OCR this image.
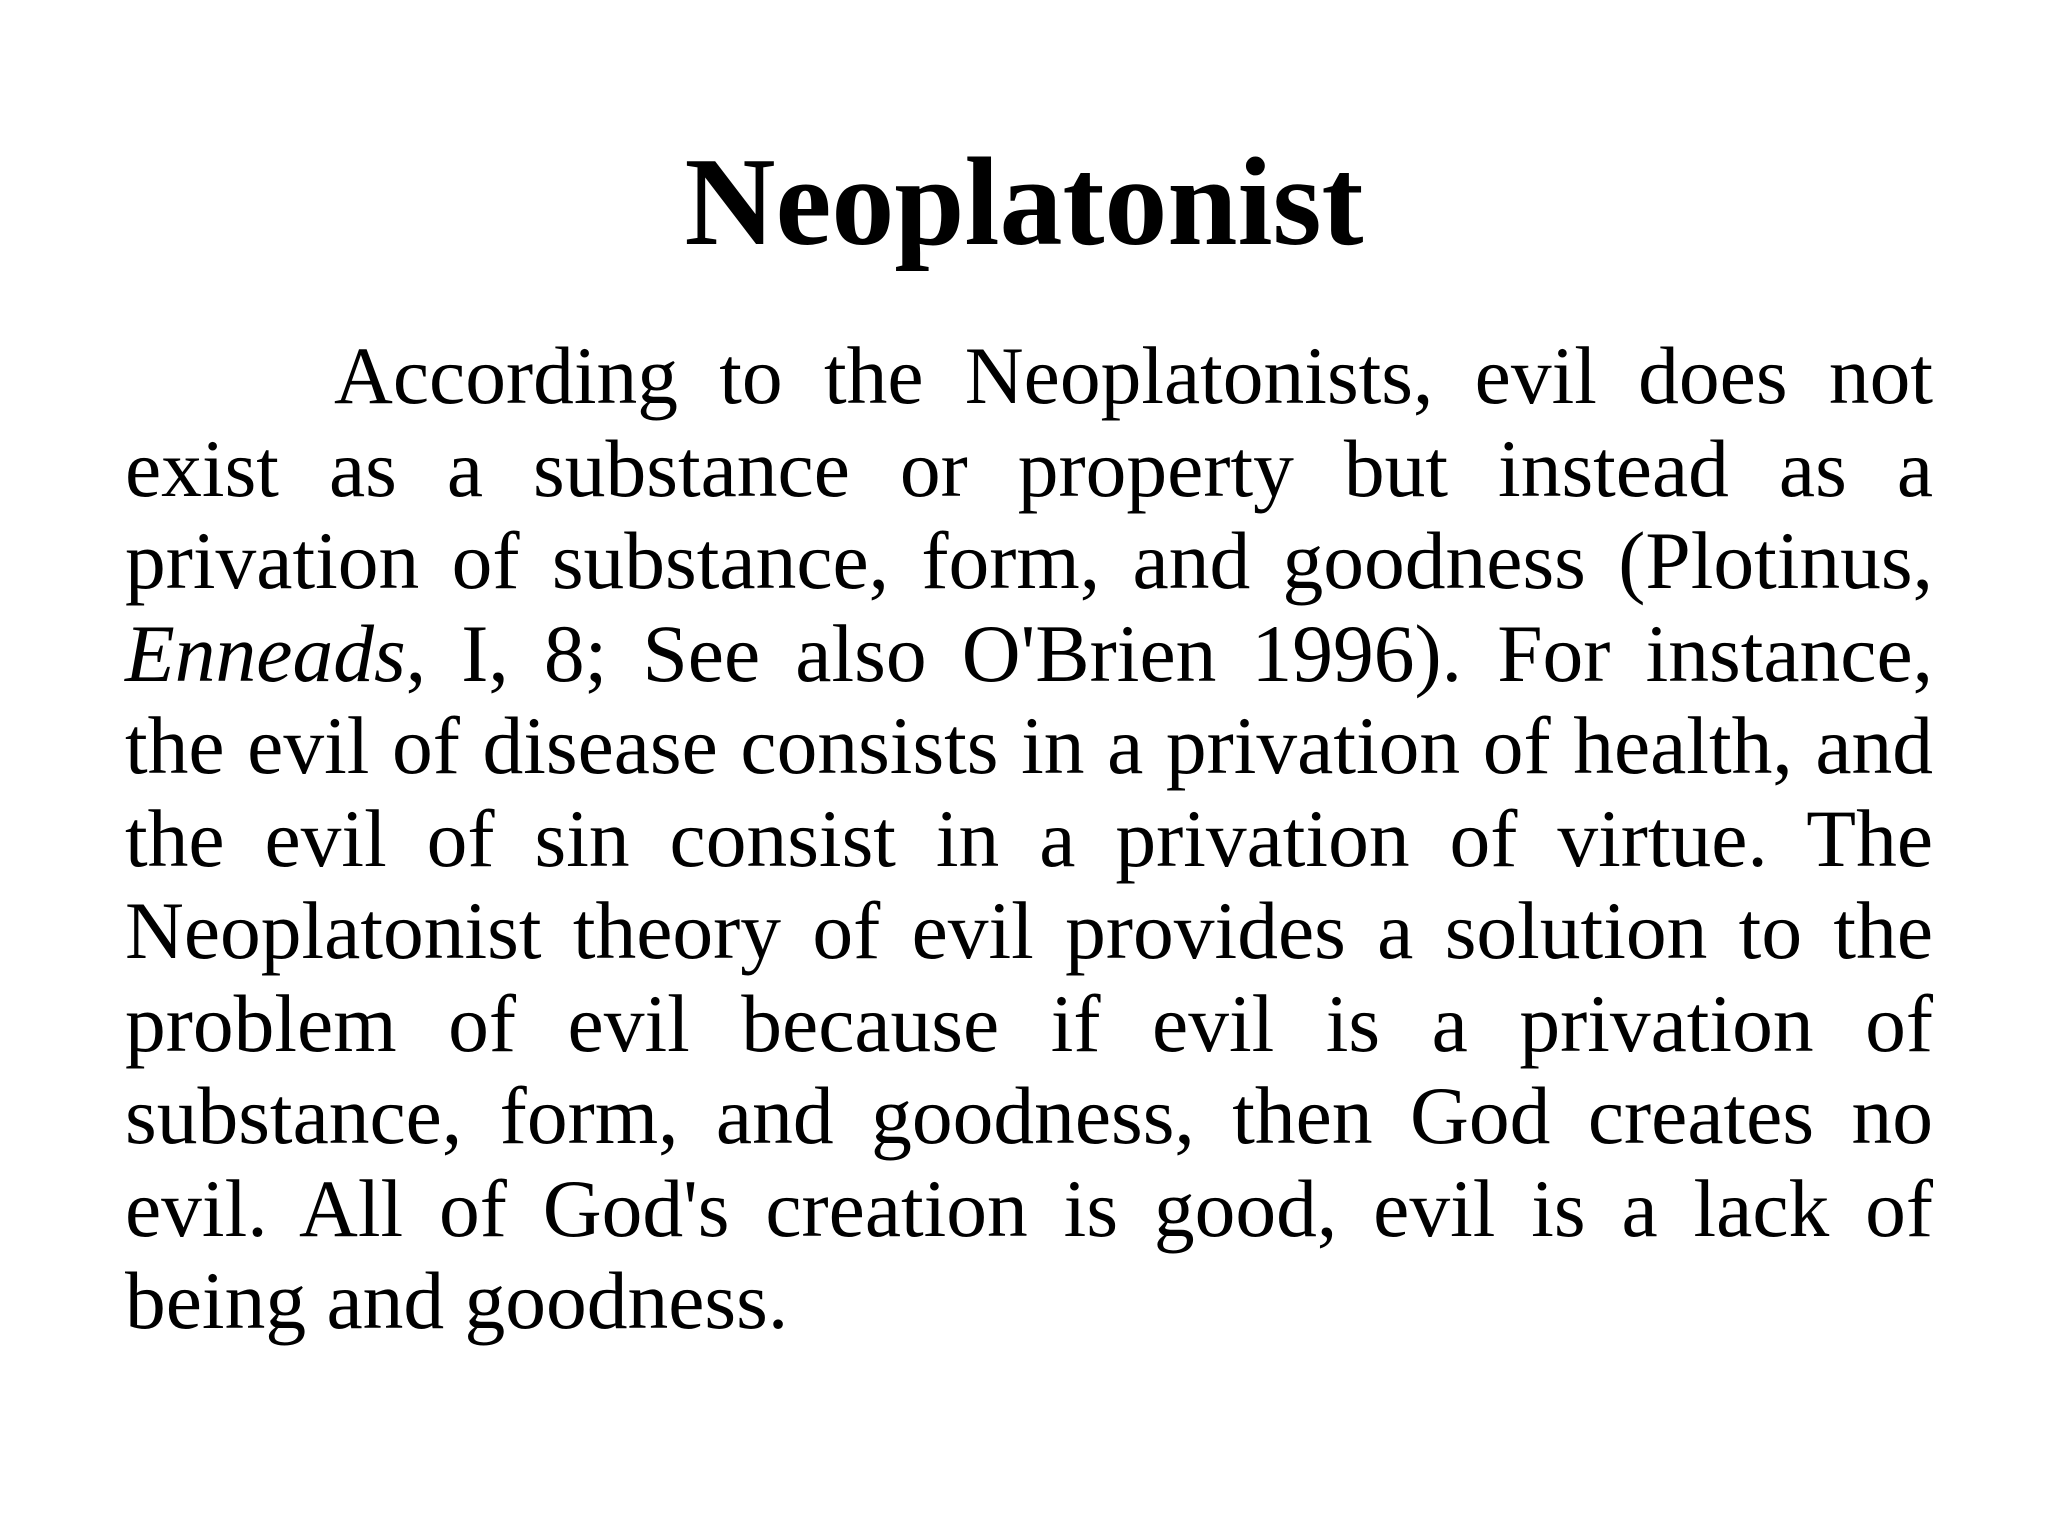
Neoplatonist

According to the Neoplatonists, evil does not exist as a substance or property but instead as a privation of substance, form, and goodness (Plotinus, Enneads, I, 8; See also O'Brien 1996). For instance, the evil of disease consists in a privation of health, and the evil of sin consist in a privation of virtue. The Neoplatonist theory of evil provides a solution to the problem of evil because if evil is a privation of substance, form, and goodness, then God creates no evil. All of God's creation is good, evil is a lack of being and goodness.
